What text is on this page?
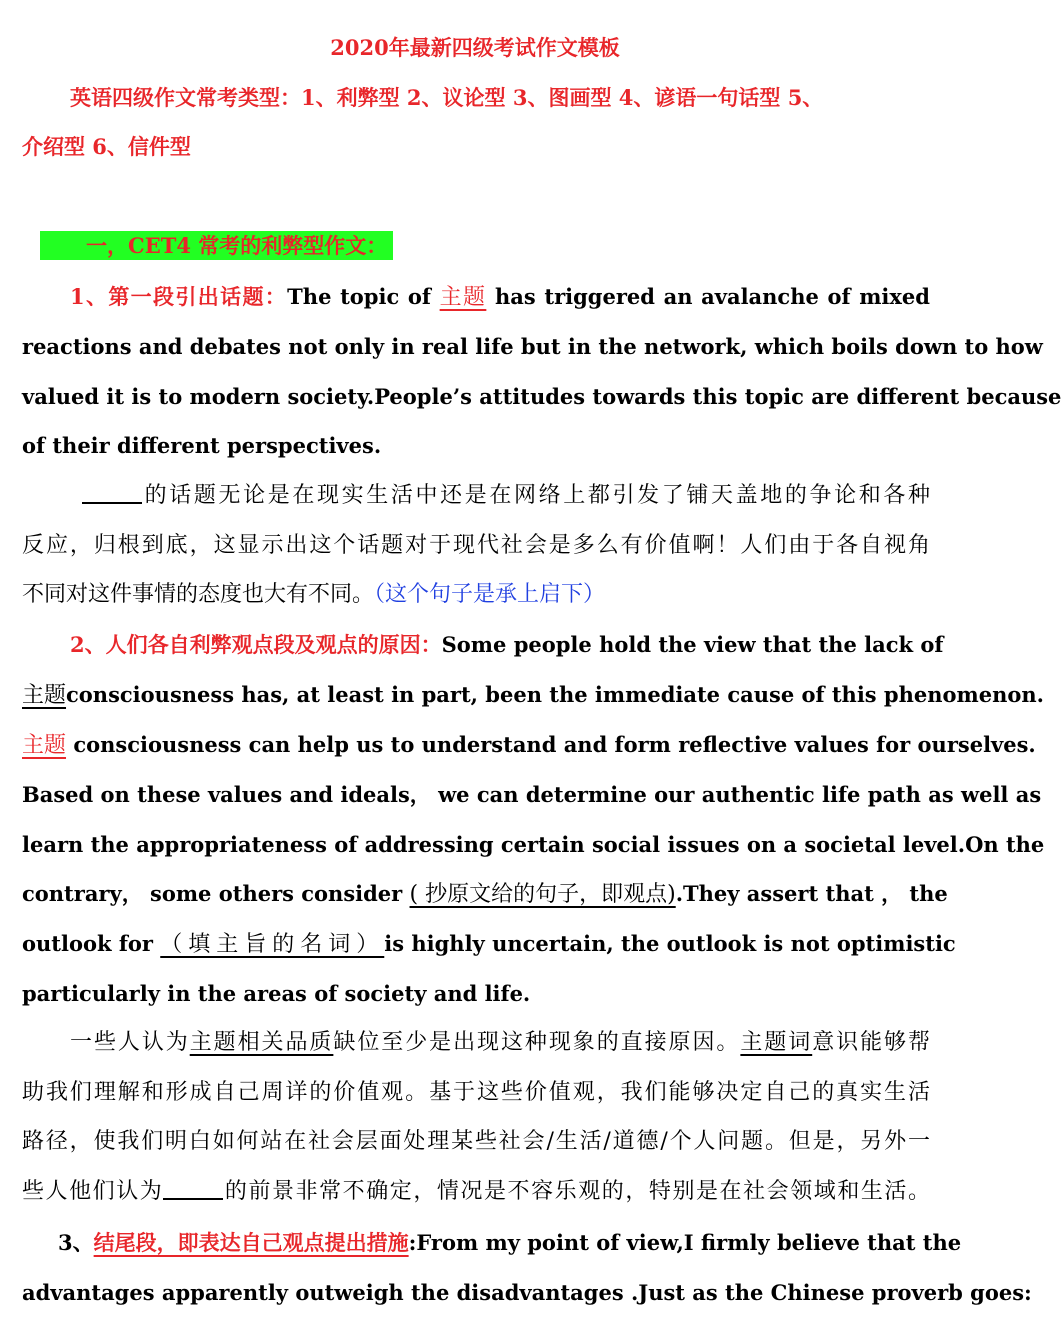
2020年最新四级考试作文模板
英语四级作文常考类型：1、利弊型 2、议论型 3、图画型 4、谚语一句话型 5、
介绍型 6、信件型
一，CET4 常考的利弊型作文：
1、第一段引出话题：The topic of 主题 has triggered an avalanche of mixed
reactions and debates not only in real life but in the network, which boils down to how
valued it is to modern society.People’s attitudes towards this topic are different because
of their different perspectives.
的话题无论是在现实生活中还是在网络上都引发了铺天盖地的争论和各种
反应，归根到底，这显示出这个话题对于现代社会是多么有价值啊！人们由于各自视角
不同对这件事情的态度也大有不同。（这个句子是承上启下）
2、人们各自利弊观点段及观点的原因：Some people hold the view that the lack of
主题consciousness has, at least in part, been the immediate cause of this phenomenon.
主题 consciousness can help us to understand and form reflective values for ourselves.
Based on these values and ideals， we can determine our authentic life path as well as
learn the appropriateness of addressing certain social issues on a societal level.On the
contrary， some others consider ( 抄原文给的句子，即观点).They assert that ， the
outlook for （填主旨的名词）is highly uncertain, the outlook is not optimistic
particularly in the areas of society and life.
一些人认为主题相关品质缺位至少是出现这种现象的直接原因。主题词意识能够帮
助我们理解和形成自己周详的价值观。基于这些价值观，我们能够决定自己的真实生活
路径，使我们明白如何站在社会层面处理某些社会/生活/道德/个人问题。但是，另外一
些人他们认为	的前景非常不确定，情况是不容乐观的，特别是在社会领域和生活。
3、结尾段，即表达自己观点提出措施:From my point of view,I firmly believe that the
advantages apparently outweigh the disadvantages .Just as the Chinese proverb goes:
